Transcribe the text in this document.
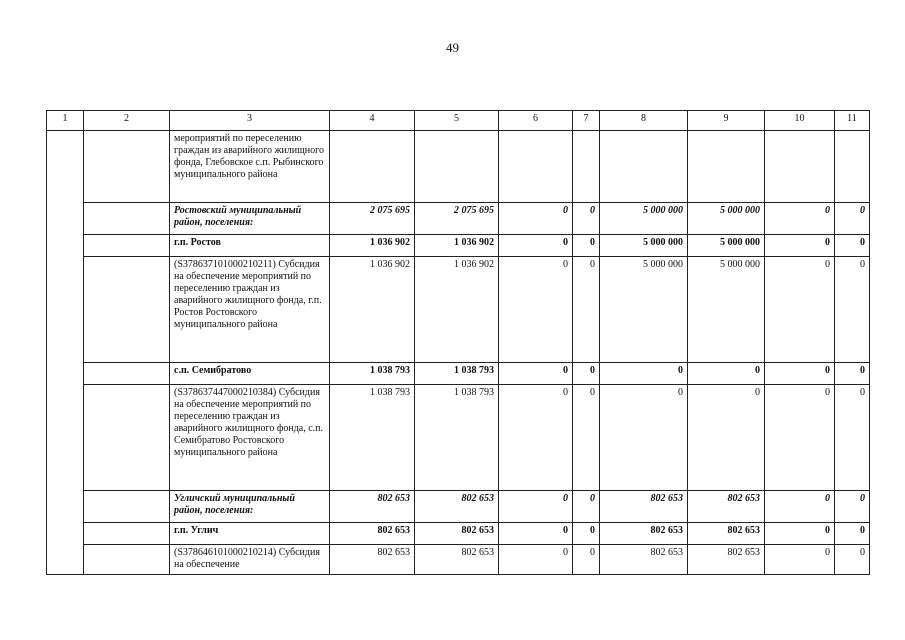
49
1	2	3	4	5	6	7	8	9	10	11
		мероприятий по переселению граждан из аварийного жилищного фонда, Глебовское с.п. Рыбинского муниципального района								
		Ростовский муниципальный район, поселения:	2 075 695	2 075 695	0	0	5 000 000	5 000 000	0	0
		г.п. Ростов	1 036 902	1 036 902	0	0	5 000 000	5 000 000	0	0
		(S378637101000210211) Субсидия на обеспечение мероприятий по переселению граждан из аварийного жилищного фонда, г.п. Ростов Ростовского муниципального района	1 036 902	1 036 902	0	0	5 000 000	5 000 000	0	0
		с.п. Семибратово	1 038 793	1 038 793	0	0	0	0	0	0
		(S378637447000210384) Субсидия на обеспечение мероприятий по переселению граждан из аварийного жилищного фонда, с.п. Семибратово Ростовского муниципального района	1 038 793	1 038 793	0	0	0	0	0	0
		Угличский муниципальный район, поселения:	802 653	802 653	0	0	802 653	802 653	0	0
		г.п. Углич	802 653	802 653	0	0	802 653	802 653	0	0
		(S378646101000210214) Субсидия на обеспечение	802 653	802 653	0	0	802 653	802 653	0	0
